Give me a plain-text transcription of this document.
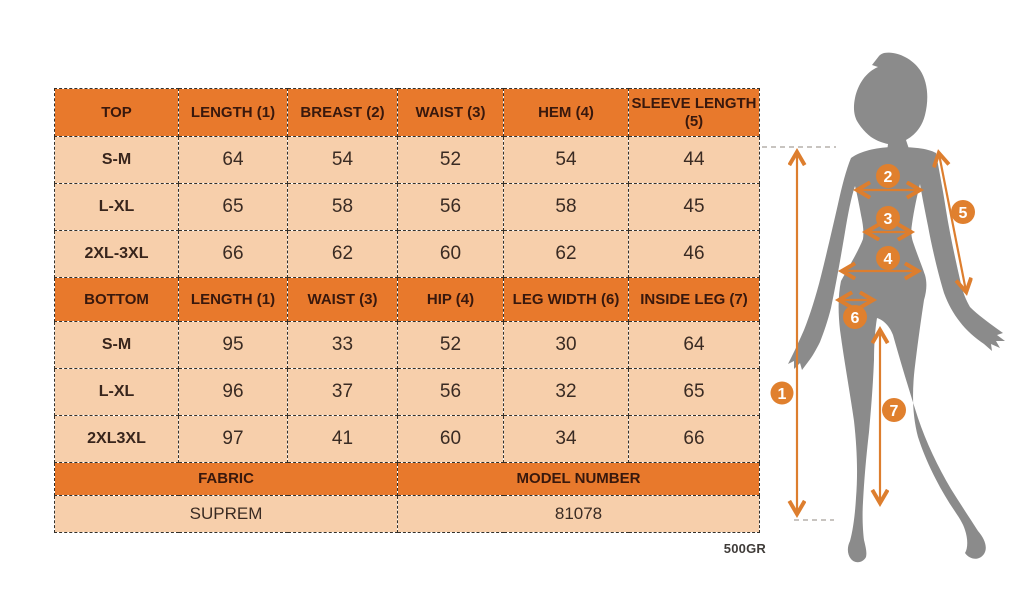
TOP	LENGTH (1)	BREAST (2)	WAIST (3)	HEM (4)	SLEEVE LENGTH (5)
S-M	64	54	52	54	44
L-XL	65	58	56	58	45
2XL-3XL	66	62	60	62	46
BOTTOM	LENGTH (1)	WAIST (3)	HIP (4)	LEG WIDTH (6)	INSIDE LEG (7)
S-M	95	33	52	30	64
L-XL	96	37	56	32	65
2XL3XL	97	41	60	34	66
FABRIC			MODEL NUMBER		
SUPREM			81078		
500GR
1
2
3
4
5
6
7
